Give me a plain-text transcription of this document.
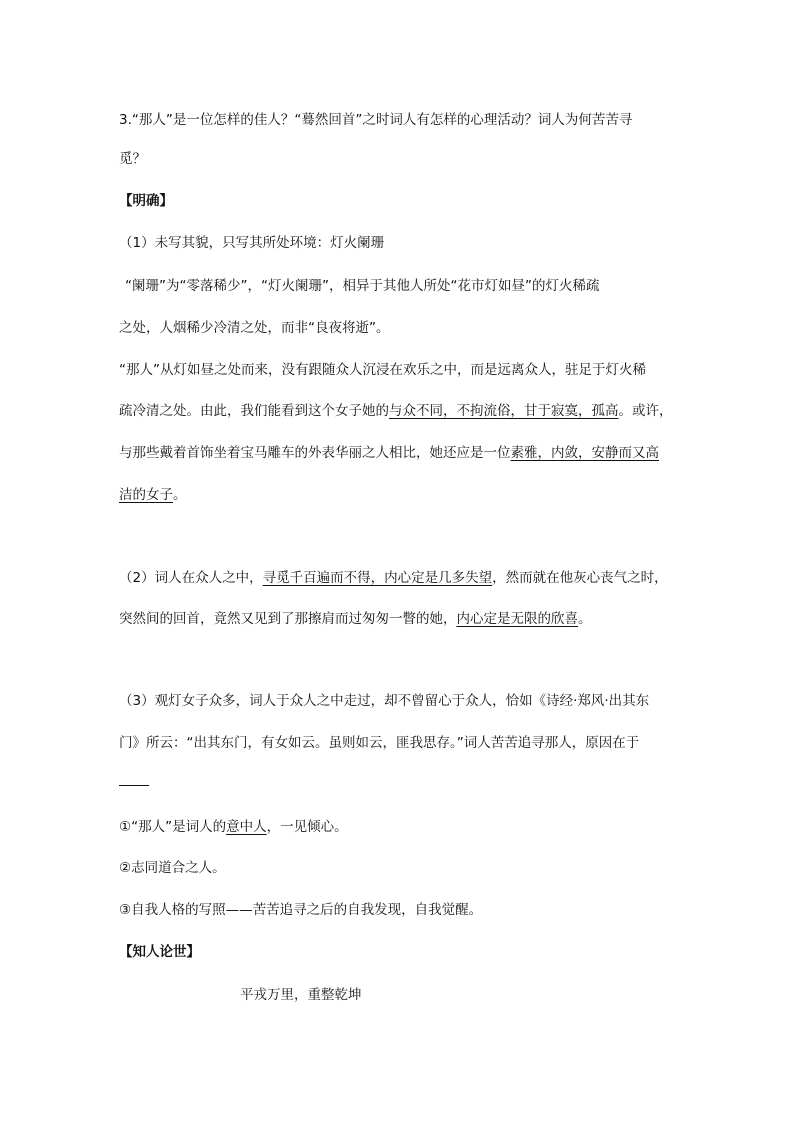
3.“那人”是一位怎样的佳人？“蓦然回首”之时词人有怎样的心理活动？词人为何苦苦寻
觅？
【明确】
（1）未写其貌，只写其所处环境：灯火阑珊
“阑珊”为“零落稀少”，“灯火阑珊”，相异于其他人所处“花市灯如昼”的灯火稀疏
之处，人烟稀少冷清之处，而非“良夜将逝”。
“那人”从灯如昼之处而来，没有跟随众人沉浸在欢乐之中，而是远离众人，驻足于灯火稀
疏冷清之处。由此，我们能看到这个女子她的与众不同，不拘流俗，甘于寂寞，孤高。或许，
与那些戴着首饰坐着宝马雕车的外表华丽之人相比，她还应是一位素雅，内敛，安静而又高
洁的女子。
（2）词人在众人之中，寻觅千百遍而不得，内心定是几多失望，然而就在他灰心丧气之时，
突然间的回首，竟然又见到了那擦肩而过匆匆一瞥的她，内心定是无限的欣喜。
（3）观灯女子众多，词人于众人之中走过，却不曾留心于众人，恰如《诗经·郑风·出其东
门》所云：“出其东门，有女如云。虽则如云，匪我思存。”词人苦苦追寻那人，原因在于
①“那人”是词人的意中人，一见倾心。
②志同道合之人。
③自我人格的写照——苦苦追寻之后的自我发现，自我觉醒。
【知人论世】
平戎万里，重整乾坤
